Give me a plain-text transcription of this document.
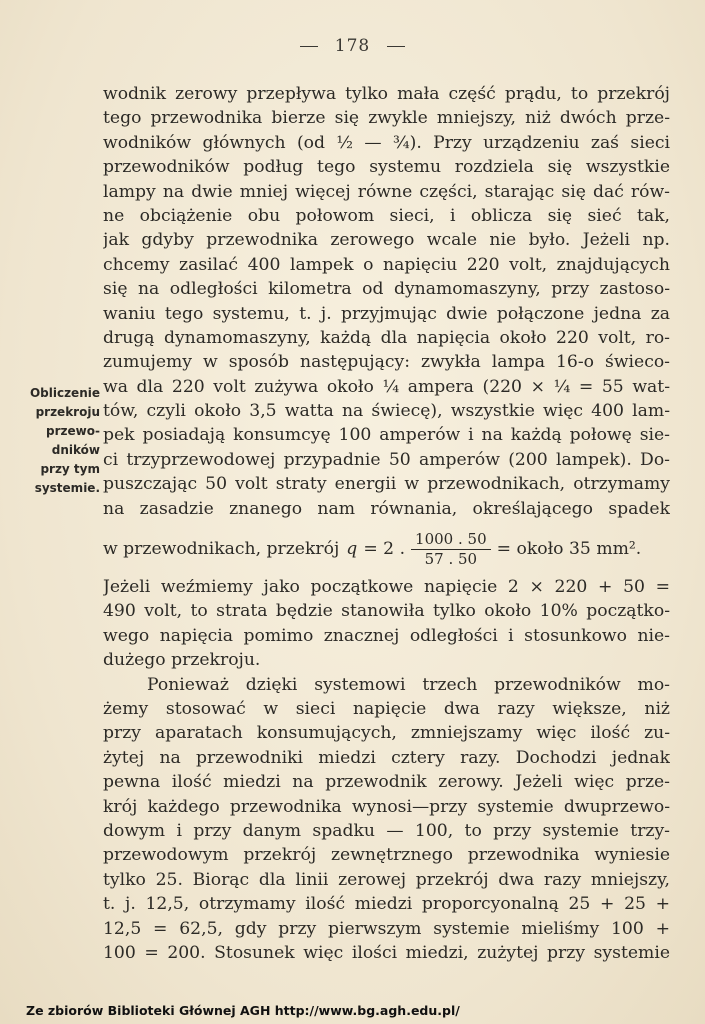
178
Obliczenie
przekroju
przewo-
dników
przy tym
systemie.
wodnik zerowy przepływa tylko mała część prądu, to przekrój
tego przewodnika bierze się zwykle mniejszy, niż dwóch prze-
wodników głównych (od ½ — ¾). Przy urządzeniu zaś sieci
przewodników podług tego systemu rozdziela się wszystkie
lampy na dwie mniej więcej równe części, starając się dać rów-
ne obciążenie obu połowom sieci, i oblicza się sieć tak,
jak gdyby przewodnika zerowego wcale nie było. Jeżeli np.
chcemy zasilać 400 lampek o napięciu 220 volt, znajdujących
się na odległości kilometra od dynamomaszyny, przy zastoso-
waniu tego systemu, t. j. przyjmując dwie połączone jedna za
drugą dynamomaszyny, każdą dla napięcia około 220 volt, ro-
zumujemy w sposób następujący: zwykła lampa 16-o świeco-
wa dla 220 volt zużywa około ¼ ampera (220 × ¼ = 55 wat-
tów, czyli około 3,5 watta na świecę), wszystkie więc 400 lam-
pek posiadają konsumcyę 100 amperów i na każdą połowę sie-
ci trzyprzewodowej przypadnie 50 amperów (200 lampek). Do-
puszczając 50 volt straty energii w przewodnikach, otrzymamy
na zasadzie znanego nam równania, określającego spadek
w przewodnikach, przekrój q = 2 . $\frac{1000 . 50}{57 . 50}$ = około 35 mm².
Jeżeli weźmiemy jako początkowe napięcie 2 × 220 + 50 =
490 volt, to strata będzie stanowiła tylko około 10% początko-
wego napięcia pomimo znacznej odległości i stosunkowo nie-
dużego przekroju.
Ponieważ dzięki systemowi trzech przewodników mo-
żemy stosować w sieci napięcie dwa razy większe, niż
przy aparatach konsumujących, zmniejszamy więc ilość zu-
żytej na przewodniki miedzi cztery razy. Dochodzi jednak
pewna ilość miedzi na przewodnik zerowy. Jeżeli więc prze-
krój każdego przewodnika wynosi—przy systemie dwuprzewo-
dowym i przy danym spadku — 100, to przy systemie trzy-
przewodowym przekrój zewnętrznego przewodnika wyniesie
tylko 25. Biorąc dla linii zerowej przekrój dwa razy mniejszy,
t. j. 12,5, otrzymamy ilość miedzi proporcyonalną 25 + 25 +
12,5 = 62,5, gdy przy pierwszym systemie mieliśmy 100 +
100 = 200. Stosunek więc ilości miedzi, zużytej przy systemie
Ze zbiorów Biblioteki Głównej AGH http://www.bg.agh.edu.pl/
